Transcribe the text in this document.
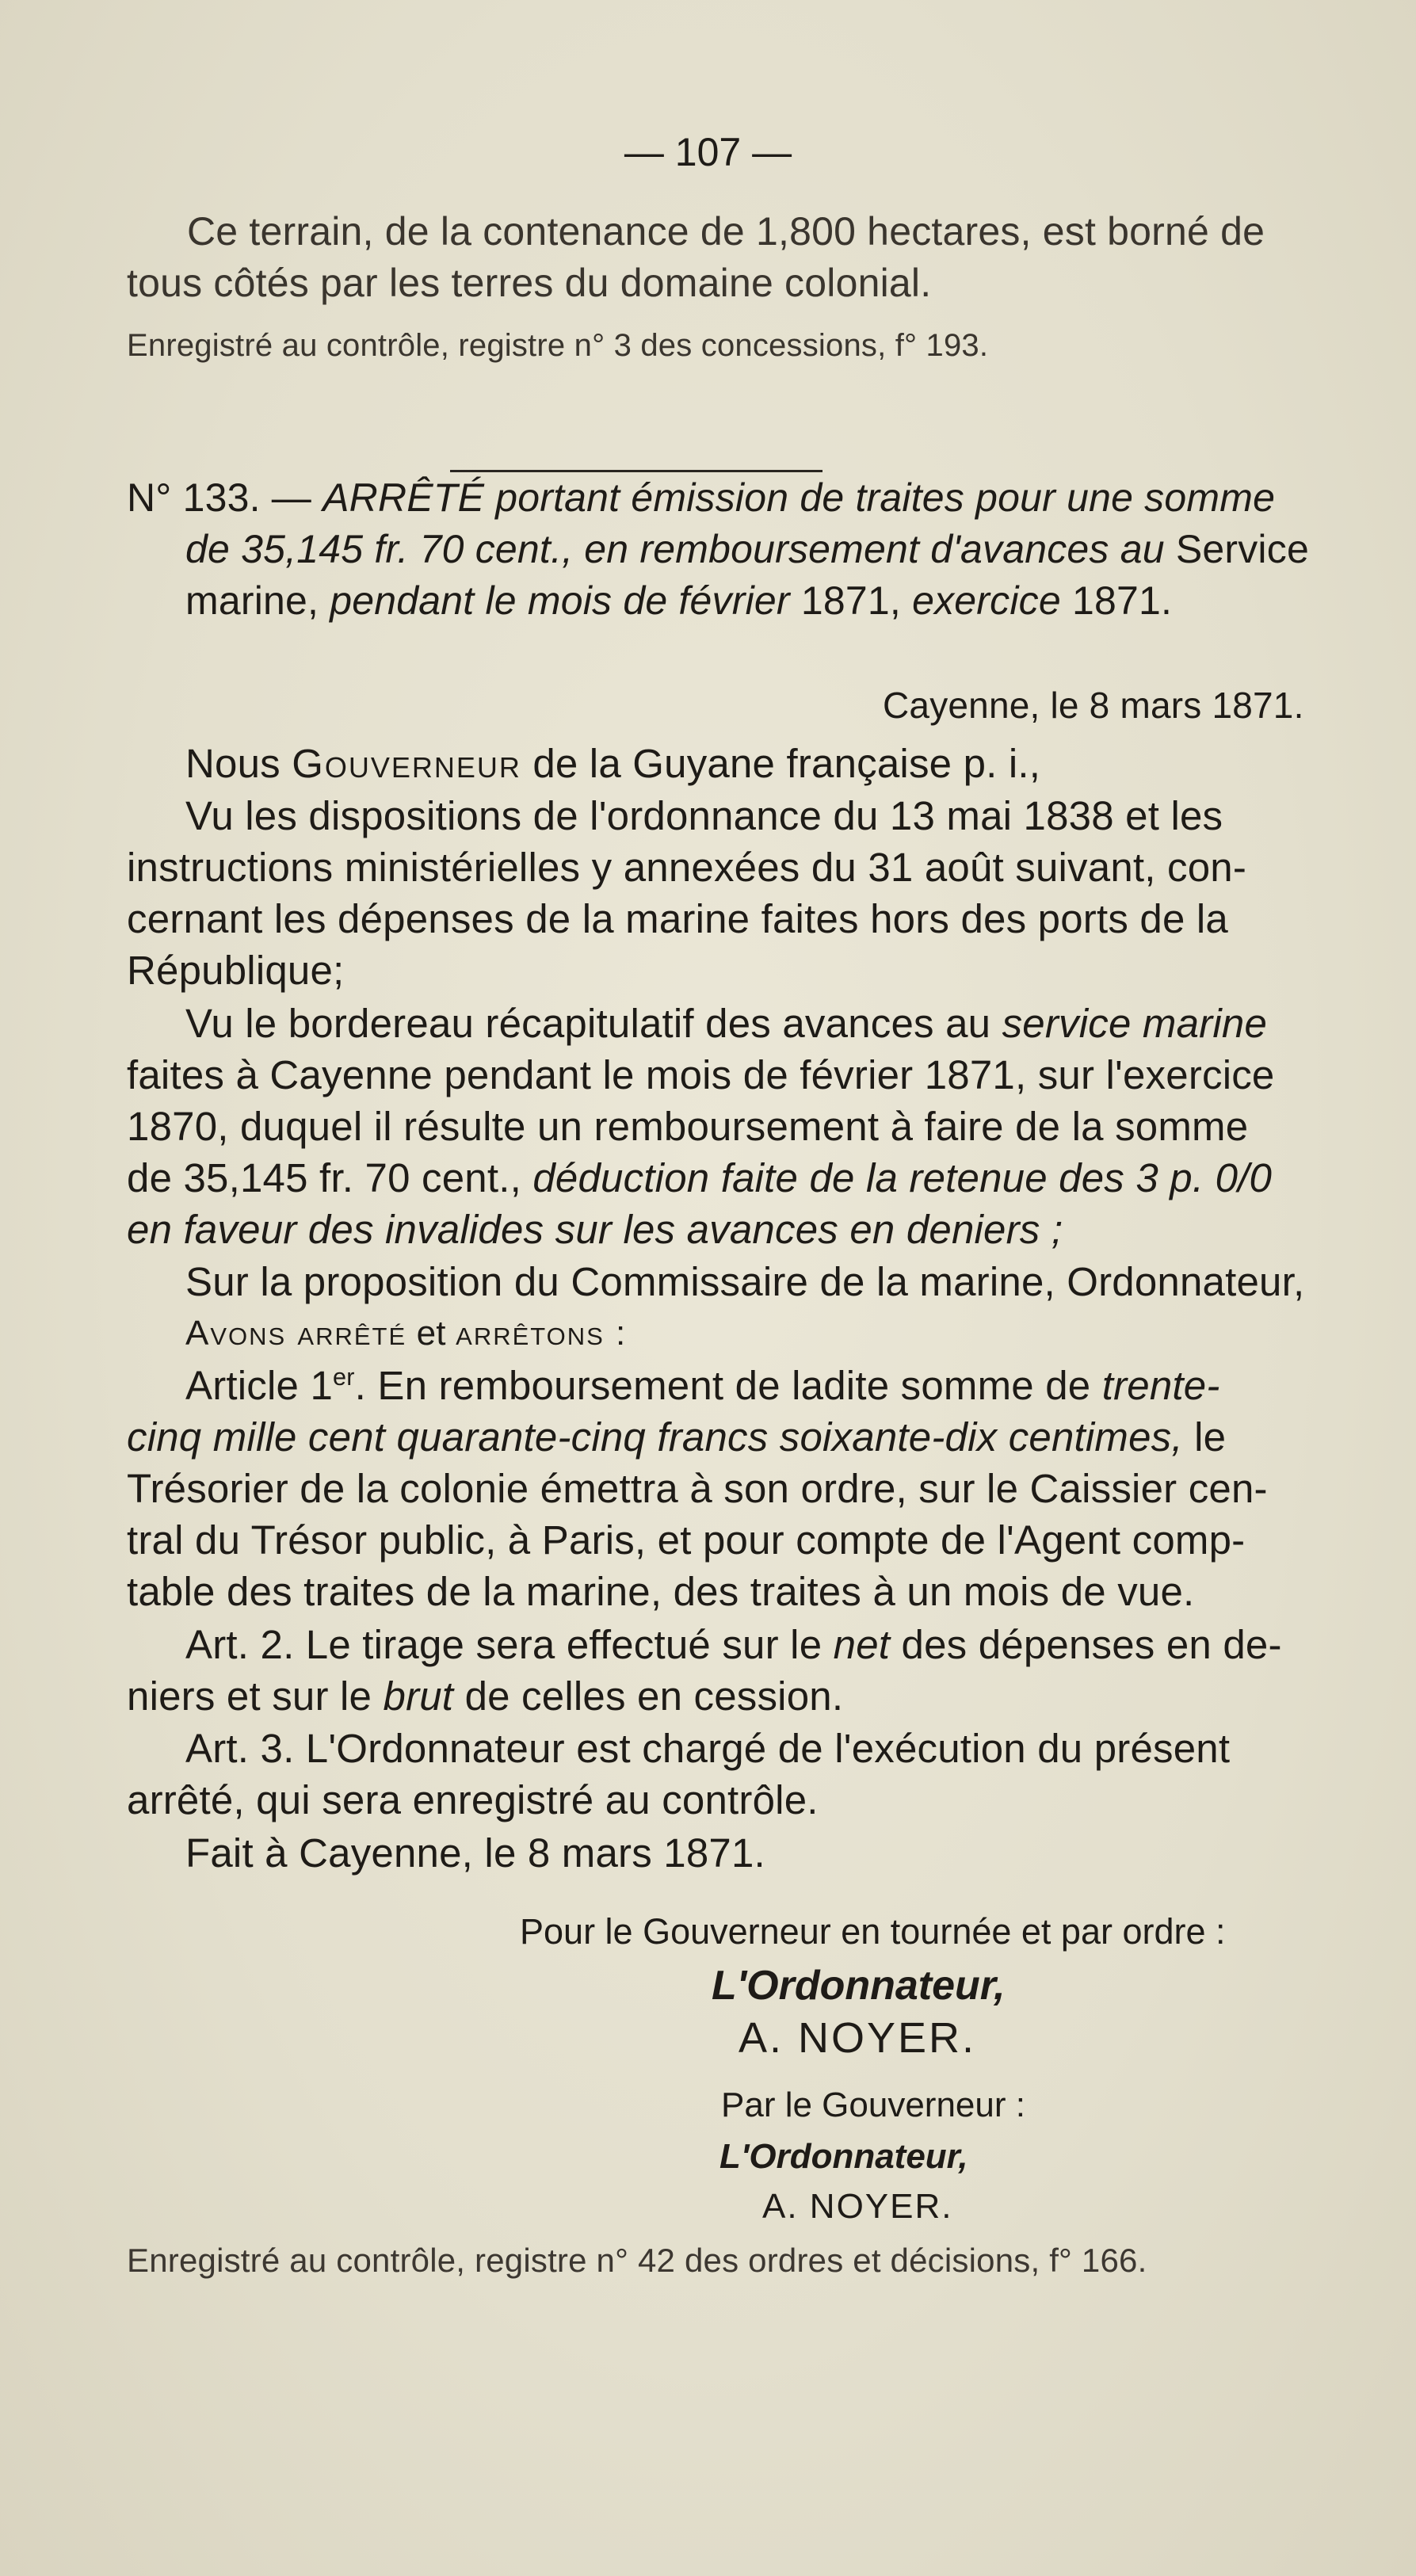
— 107 —
Ce terrain, de la contenance de 1,800 hectares, est borné de
tous côtés par les terres du domaine colonial.
Enregistré au contrôle, registre n° 3 des concessions, f° 193.
N° 133. — ARRÊTÉ portant émission de traites pour une somme
de 35,145 fr. 70 cent., en remboursement d'avances au Service
marine, pendant le mois de février 1871, exercice 1871.
Cayenne, le 8 mars 1871.
Nous Gouverneur de la Guyane française p. i.,
Vu les dispositions de l'ordonnance du 13 mai 1838 et les
instructions ministérielles y annexées du 31 août suivant, con-
cernant les dépenses de la marine faites hors des ports de la
République;
Vu le bordereau récapitulatif des avances au service marine
faites à Cayenne pendant le mois de février 1871, sur l'exercice
1870, duquel il résulte un remboursement à faire de la somme
de 35,145 fr. 70 cent., déduction faite de la retenue des 3 p. 0/0
en faveur des invalides sur les avances en deniers ;
Sur la proposition du Commissaire de la marine, Ordonnateur,
Avons arrêté et arrêtons :
Article 1er. En remboursement de ladite somme de trente-
cinq mille cent quarante-cinq francs soixante-dix centimes, le
Trésorier de la colonie émettra à son ordre, sur le Caissier cen-
tral du Trésor public, à Paris, et pour compte de l'Agent comp-
table des traites de la marine, des traites à un mois de vue.
Art. 2. Le tirage sera effectué sur le net des dépenses en de-
niers et sur le brut de celles en cession.
Art. 3. L'Ordonnateur est chargé de l'exécution du présent
arrêté, qui sera enregistré au contrôle.
Fait à Cayenne, le 8 mars 1871.
Pour le Gouverneur en tournée et par ordre :
L'Ordonnateur,
A. NOYER.
Par le Gouverneur :
L'Ordonnateur,
A. NOYER.
Enregistré au contrôle, registre n° 42 des ordres et décisions, f° 166.
